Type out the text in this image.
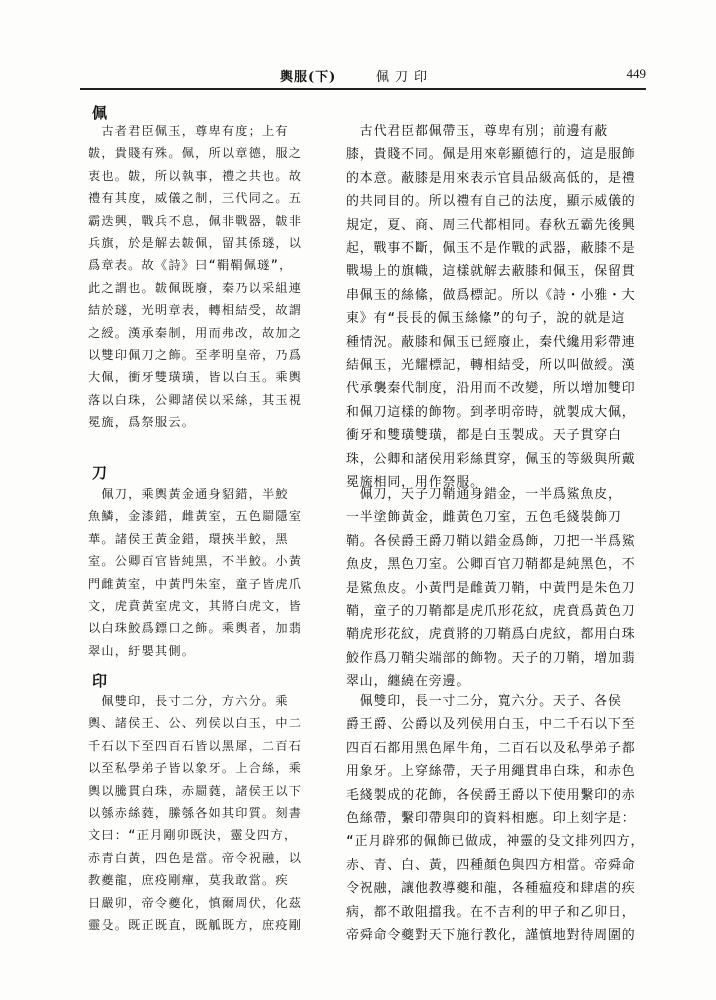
輿服(下)	佩刀印	449
佩
　古者君臣佩玉，尊卑有度；上有
韍，貴賤有殊。佩，所以章德，服之
衷也。韍，所以執事，禮之共也。故
禮有其度，威儀之制，三代同之。五
霸迭興，戰兵不息，佩非戰器，韍非
兵旗，於是解去韍佩，留其係璲，以
爲章表。故《詩》曰“鞙鞙佩璲”，
此之謂也。韍佩既廢，秦乃以采組連
結於璲，光明章表，轉相結受，故謂
之綬。漢承秦制，用而弗改，故加之
以雙印佩刀之飾。至孝明皇帝，乃爲
大佩，衝牙雙璜璜，皆以白玉。乘輿
落以白珠，公卿諸侯以采絲，其玉視
冕旒，爲祭服云。
　古代君臣都佩帶玉，尊卑有別；前邊有蔽
膝，貴賤不同。佩是用來彰顯德行的，這是服飾
的本意。蔽膝是用來表示官員品級高低的，是禮
的共同目的。所以禮有自己的法度，顯示威儀的
規定，夏、商、周三代都相同。春秋五霸先後興
起，戰事不斷，佩玉不是作戰的武器，蔽膝不是
戰場上的旗幟，這樣就解去蔽膝和佩玉，保留貫
串佩玉的絲絛，做爲標記。所以《詩・小雅・大
東》有“長長的佩玉絲絛”的句子，說的就是這
種情況。蔽膝和佩玉已經廢止，秦代纔用彩帶連
結佩玉，光耀標記，轉相結受，所以叫做綬。漢
代承襲秦代制度，沿用而不改變，所以增加雙印
和佩刀這樣的飾物。到孝明帝時，就製成大佩，
衝牙和雙璜雙璜，都是白玉製成。天子貫穿白
珠，公卿和諸侯用彩絲貫穿，佩玉的等級與所戴
冕旒相同，用作祭服。
刀
　佩刀，乘輿黃金通身貂錯，半鮫
魚鱗，金漆錯，雌黃室，五色罽隱室
華。諸侯王黃金錯，環挾半鮫，黑
室。公卿百官皆純黑，不半鮫。小黃
門雌黃室，中黃門朱室，童子皆虎爪
文，虎賁黃室虎文，其將白虎文，皆
以白珠鮫爲鏢口之飾。乘輿者，加翡
翠山，紆嬰其側。
　佩刀，天子刀鞘通身錯金，一半爲鯊魚皮，
一半塗飾黃金，雌黃色刀室，五色毛綫裝飾刀
鞘。各侯爵王爵刀鞘以錯金爲飾，刀把一半爲鯊
魚皮，黑色刀室。公卿百官刀鞘都是純黑色，不
是鯊魚皮。小黃門是雌黃刀鞘，中黃門是朱色刀
鞘，童子的刀鞘都是虎爪形花紋，虎賁爲黃色刀
鞘虎形花紋，虎賁將的刀鞘爲白虎紋，都用白珠
鮫作爲刀鞘尖端部的飾物。天子的刀鞘，增加翡
翠山，纏繞在旁邊。
印
　佩雙印，長寸二分，方六分。乘
輿、諸侯王、公、列侯以白玉，中二
千石以下至四百石皆以黑犀，二百石
以至私學弟子皆以象牙。上合絲，乘
輿以騰貫白珠，赤罽蕤，諸侯王以下
以綔赤絲蕤，縢綔各如其印質。刻書
文曰：“正月剛卯既決，靈殳四方，
赤青白黃，四色是當。帝令祝融，以
教夔龍，庶疫剛癉，莫我敢當。疾
日嚴卯，帝令夔化，慎爾周伏，化茲
靈殳。既正既直，既觚既方，庶疫剛
　佩雙印，長一寸二分，寬六分。天子、各侯
爵王爵、公爵以及列侯用白玉，中二千石以下至
四百石都用黑色犀牛角，二百石以及私學弟子都
用象牙。上穿絲帶，天子用繩貫串白珠，和赤色
毛綫製成的花飾，各侯爵王爵以下使用繫印的赤
色絲帶，繫印帶與印的資料相應。印上刻字是：
“正月辟邪的佩飾已做成，神靈的殳文排列四方，
赤、青、白、黃，四種顏色與四方相當。帝舜命
令祝融，讓他教導夔和龍，各種瘟疫和肆虐的疾
病，都不敢阻擋我。在不吉利的甲子和乙卯日，
帝舜命令夔對天下施行教化，謹慎地對待周圍的
